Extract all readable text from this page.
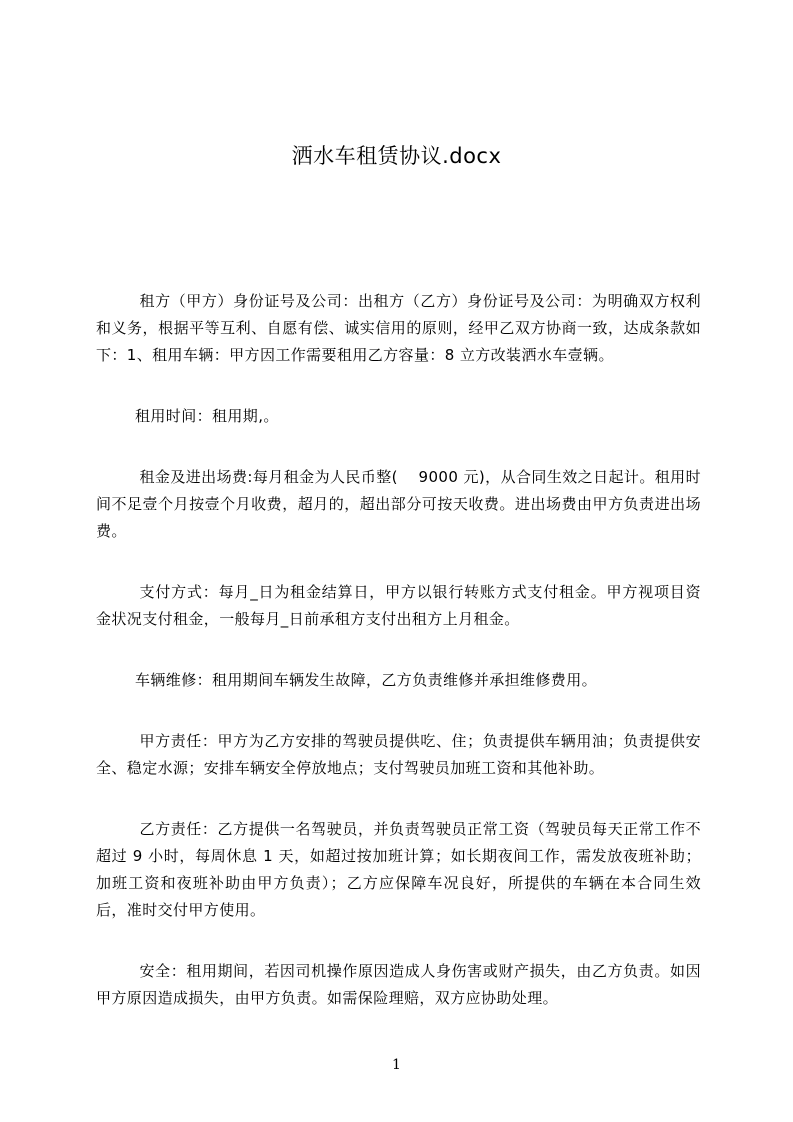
洒水车租赁协议.docx

租方（甲方）身份证号及公司：出租方（乙方）身份证号及公司：为明确双方权利和义务，根据平等互利、自愿有偿、诚实信用的原则，经甲乙双方协商一致，达成条款如下：1、租用车辆：甲方因工作需要租用乙方容量：8 立方改装洒水车壹辆。

租用时间：租用期,。

租金及进出场费:每月租金为人民币整(　 9000 元)，从合同生效之日起计。租用时间不足壹个月按壹个月收费，超月的，超出部分可按天收费。进出场费由甲方负责进出场费。

支付方式：每月_日为租金结算日，甲方以银行转账方式支付租金。甲方视项目资金状况支付租金，一般每月_日前承租方支付出租方上月租金。

车辆维修：租用期间车辆发生故障，乙方负责维修并承担维修费用。

甲方责任：甲方为乙方安排的驾驶员提供吃、住；负责提供车辆用油；负责提供安全、稳定水源；安排车辆安全停放地点；支付驾驶员加班工资和其他补助。

乙方责任：乙方提供一名驾驶员，并负责驾驶员正常工资（驾驶员每天正常工作不超过 9 小时，每周休息 1 天，如超过按加班计算；如长期夜间工作，需发放夜班补助；加班工资和夜班补助由甲方负责）；乙方应保障车况良好，所提供的车辆在本合同生效后，准时交付甲方使用。

安全：租用期间，若因司机操作原因造成人身伤害或财产损失，由乙方负责。如因甲方原因造成损失，由甲方负责。如需保险理赔，双方应协助处理。

1
